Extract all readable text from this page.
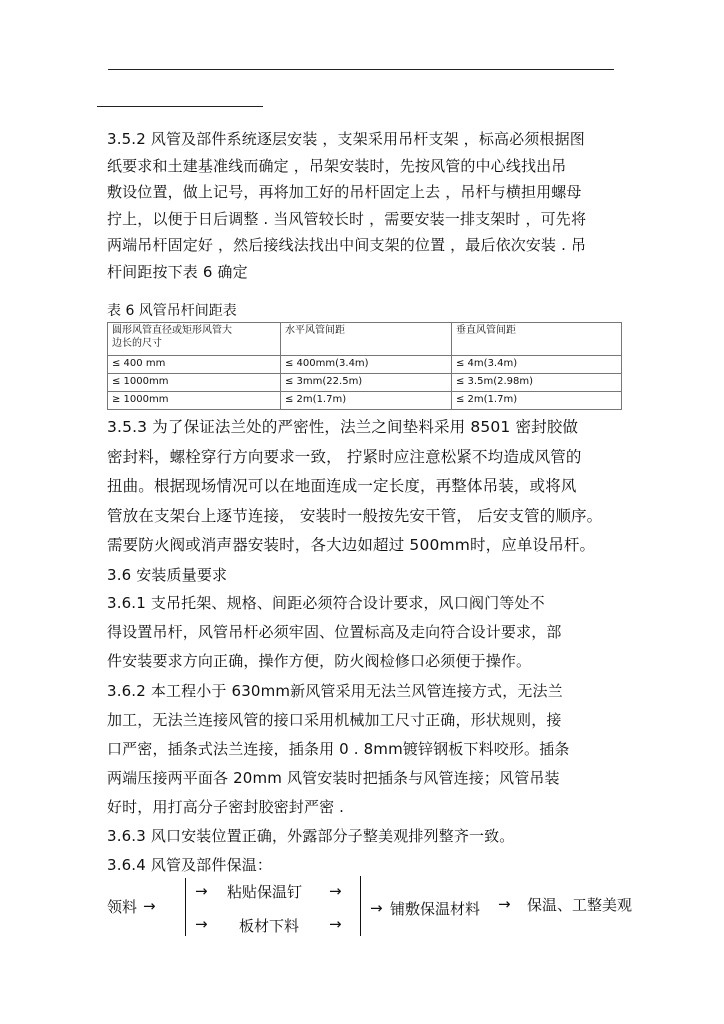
3.5.2 风管及部件系统逐层安装 ，支架采用吊杆支架 ，标高必须根据图
纸要求和土建基准线而确定 ，吊架安装时，先按风管的中心线找出吊
敷设位置，做上记号，再将加工好的吊杆固定上去 ，吊杆与横担用螺母
拧上，以便于日后调整 . 当风管较长时 ，需要安装一排支架时 ，可先将
两端吊杆固定好 ，然后接线法找出中间支架的位置 ，最后依次安装 . 吊
杆间距按下表 6 确定
表 6 风管吊杆间距表
圆形风管直径或矩形风管大
边长的尺寸	水平风管间距	垂直风管间距
≤ 400 mm	≤ 400mm(3.4m)	≤ 4m(3.4m)
≤ 1000mm	≤ 3mm(22.5m)	≤ 3.5m(2.98m)
≥ 1000mm	≤ 2m(1.7m)	≤ 2m(1.7m)
3.5.3 为了保证法兰处的严密性，法兰之间垫料采用 8501 密封胶做
密封料，螺栓穿行方向要求一致， 拧紧时应注意松紧不均造成风管的
扭曲。根据现场情况可以在地面连成一定长度，再整体吊装，或将风
管放在支架台上逐节连接， 安装时一般按先安干管， 后安支管的顺序。
需要防火阀或消声器安装时，各大边如超过 500mm时，应单设吊杆。
3.6 安装质量要求
3.6.1 支吊托架、规格、间距必须符合设计要求，风口阀门等处不
得设置吊杆，风管吊杆必须牢固、位置标高及走向符合设计要求，部
件安装要求方向正确，操作方便，防火阀检修口必须便于操作。
3.6.2 本工程小于 630mm新风管采用无法兰风管连接方式，无法兰
加工，无法兰连接风管的接口采用机械加工尺寸正确，形状规则，接
口严密，插条式法兰连接，插条用 0 . 8mm镀锌钢板下料咬形。插条
两端压接两平面各 20mm 风管安装时把插条与风管连接；风管吊装
好时，用打高分子密封胶密封严密 .
3.6.3 风口安装位置正确，外露部分子整美观排列整齐一致。
3.6.4 风管及部件保温：
领料 →
→ 粘贴保温钉 →
→ 板材下料 →
→ 铺敷保温材料 → 保温、工整美观
